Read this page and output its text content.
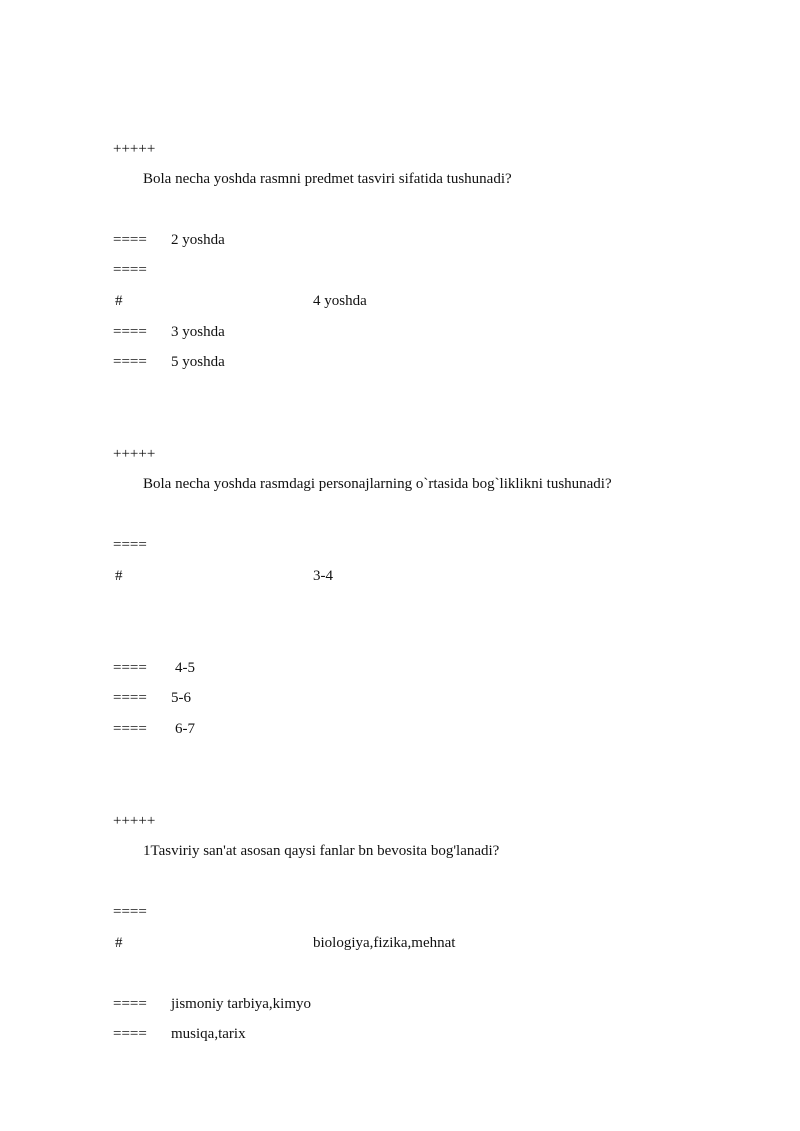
+++++
Bola necha yoshda rasmni predmet tasviri sifatida tushunadi?
==== 2 yoshda
====
#	4 yoshda
==== 3 yoshda
==== 5 yoshda
+++++
Bola necha yoshda rasmdagi personajlarning o`rtasida bog`liklikni tushunadi?
====
#	3-4
==== 4-5
==== 5-6
==== 6-7
+++++
1Tasviriy san'at asosan qaysi fanlar bn bevosita bog'lanadi?
====
#	biologiya,fizika,mehnat
==== jismoniy tarbiya,kimyo
==== musiqa,tarix
